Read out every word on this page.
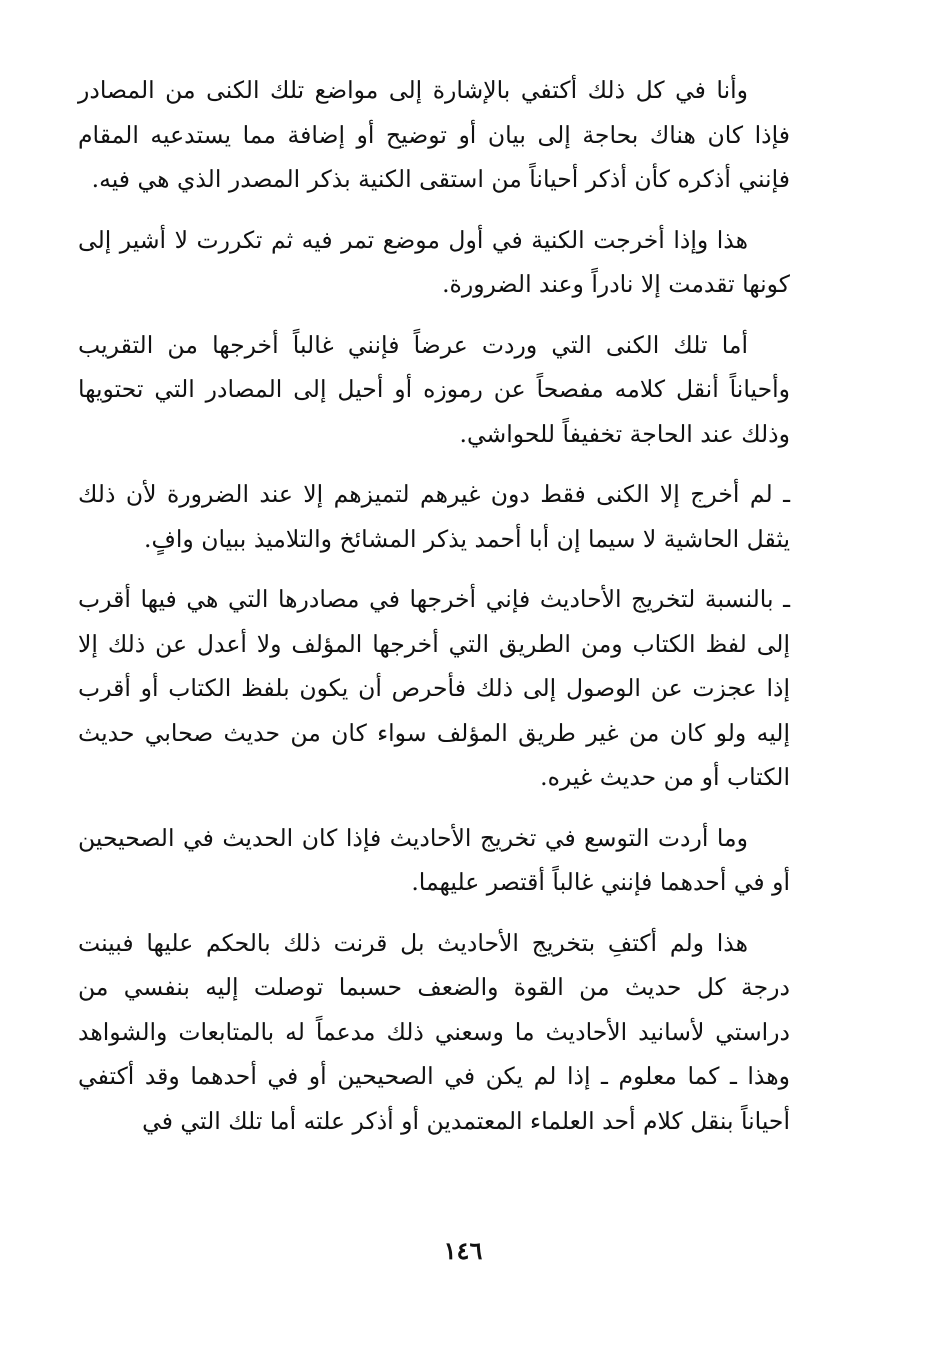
وأنا في كل ذلك أكتفي بالإشارة إلى مواضع تلك الكنى من المصادر فإذا كان هناك بحاجة إلى بيان أو توضيح أو إضافة مما يستدعيه المقام فإنني أذكره كأن أذكر أحياناً من استقى الكنية بذكر المصدر الذي هي فيه.

هذا وإذا أخرجت الكنية في أول موضع تمر فيه ثم تكررت لا أشير إلى كونها تقدمت إلا نادراً وعند الضرورة.

أما تلك الكنى التي وردت عرضاً فإنني غالباً أخرجها من التقريب وأحياناً أنقل كلامه مفصحاً عن رموزه أو أحيل إلى المصادر التي تحتويها وذلك عند الحاجة تخفيفاً للحواشي.

ـ لم أخرج إلا الكنى فقط دون غيرهم لتميزهم إلا عند الضرورة لأن ذلك يثقل الحاشية لا سيما إن أبا أحمد يذكر المشائخ والتلاميذ ببيان وافٍ.

ـ بالنسبة لتخريج الأحاديث فإني أخرجها في مصادرها التي هي فيها أقرب إلى لفظ الكتاب ومن الطريق التي أخرجها المؤلف ولا أعدل عن ذلك إلا إذا عجزت عن الوصول إلى ذلك فأحرص أن يكون بلفظ الكتاب أو أقرب إليه ولو كان من غير طريق المؤلف سواء كان من حديث صحابي حديث الكتاب أو من حديث غيره.

وما أردت التوسع في تخريج الأحاديث فإذا كان الحديث في الصحيحين أو في أحدهما فإنني غالباً أقتصر عليهما.

هذا ولم أكتفِ بتخريج الأحاديث بل قرنت ذلك بالحكم عليها فبينت درجة كل حديث من القوة والضعف حسبما توصلت إليه بنفسي من دراستي لأسانيد الأحاديث ما وسعني ذلك مدعماً له بالمتابعات والشواهد وهذا ـ كما معلوم ـ إذا لم يكن في الصحيحين أو في أحدهما وقد أكتفي أحياناً بنقل كلام أحد العلماء المعتمدين أو أذكر علته أما تلك التي في

١٤٦
